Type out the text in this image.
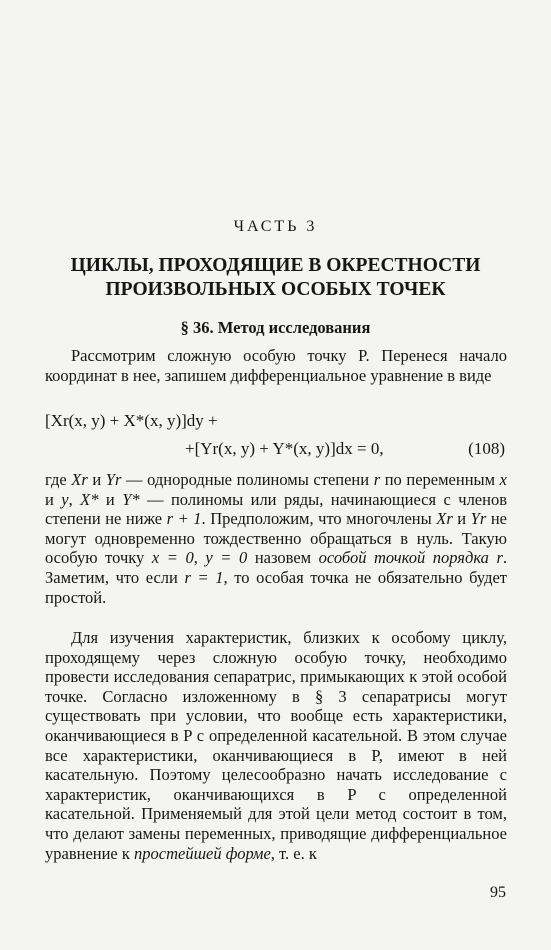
ЧАСТЬ 3
ЦИКЛЫ, ПРОХОДЯЩИЕ В ОКРЕСТНОСТИ
ПРОИЗВОЛЬНЫХ ОСОБЫХ ТОЧЕК
§ 36. Метод исследования

Рассмотрим сложную особую точку P. Перенеся начало координат в нее, запишем дифференциальное уравнение в виде

[Xr(x, y) + X*(x, y)]dy +
+[Yr(x, y) + Y*(x, y)]dx = 0,	(108)

где Xr и Yr — однородные полиномы степени r по переменным x и y, X* и Y* — полиномы или ряды, начинающиеся с членов степени не ниже r + 1. Предположим, что многочлены Xr и Yr не могут одновременно тождественно обращаться в нуль. Такую особую точку x = 0, y = 0 назовем особой точкой порядка r. Заметим, что если r = 1, то особая точка не обязательно будет простой.

Для изучения характеристик, близких к особому циклу, проходящему через сложную особую точку, необходимо провести исследования сепаратрис, примыкающих к этой особой точке. Согласно изложенному в § 3 сепаратрисы могут существовать при условии, что вообще есть характеристики, оканчивающиеся в P с определенной касательной. В этом случае все характеристики, оканчивающиеся в P, имеют в ней касательную. Поэтому целесообразно начать исследование с характеристик, оканчивающихся в P с определенной касательной. Применяемый для этой цели метод состоит в том, что делают замены переменных, приводящие дифференциальное уравнение к простейшей форме, т. е. к

95
